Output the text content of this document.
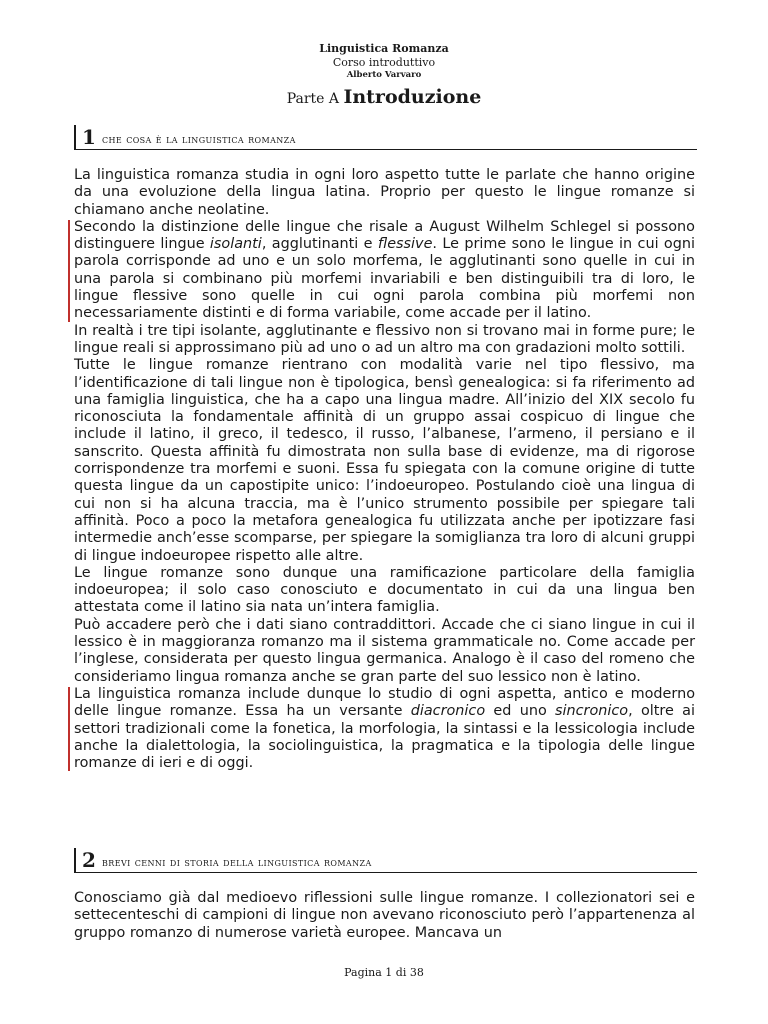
Linguistica Romanza
Corso introduttivo
Alberto Varvaro
Parte A Introduzione
1 che cosa è la linguistica romanza

La linguistica romanza studia in ogni loro aspetto tutte le parlate che hanno origine da una evoluzione della lingua latina. Proprio per questo le lingue romanze si chiamano anche neolatine.

Secondo la distinzione delle lingue che risale a August Wilhelm Schlegel si possono distinguere lingue isolanti, agglutinanti e flessive. Le prime sono le lingue in cui ogni parola corrisponde ad uno e un solo morfema, le agglutinanti sono quelle in cui in una parola si combinano più morfemi invariabili e ben distinguibili tra di loro, le lingue flessive sono quelle in cui ogni parola combina più morfemi non necessariamente distinti e di forma variabile, come accade per il latino.

In realtà i tre tipi isolante, agglutinante e flessivo non si trovano mai in forme pure; le lingue reali si approssimano più ad uno o ad un altro ma con gradazioni molto sottili.

Tutte le lingue romanze rientrano con modalità varie nel tipo flessivo, ma l’identificazione di tali lingue non è tipologica, bensì genealogica: si fa riferimento ad una famiglia linguistica, che ha a capo una lingua madre. All’inizio del XIX secolo fu riconosciuta la fondamentale affinità di un gruppo assai cospicuo di lingue che include il latino, il greco, il tedesco, il russo, l’albanese, l’armeno, il persiano e il sanscrito. Questa affinità fu dimostrata non sulla base di evidenze, ma di rigorose corrispondenze tra morfemi e suoni. Essa fu spiegata con la comune origine di tutte questa lingue da un capostipite unico: l’indoeuropeo. Postulando cioè una lingua di cui non si ha alcuna traccia, ma è l’unico strumento possibile per spiegare tali affinità. Poco a poco la metafora genealogica fu utilizzata anche per ipotizzare fasi intermedie anch’esse scomparse, per spiegare la somiglianza tra loro di alcuni gruppi di lingue indoeuropee rispetto alle altre.

Le lingue romanze sono dunque una ramificazione particolare della famiglia indoeuropea; il solo caso conosciuto e documentato in cui da una lingua ben attestata come il latino sia nata un’intera famiglia.

Può accadere però che i dati siano contraddittori. Accade che ci siano lingue in cui il lessico è in maggioranza romanzo ma il sistema grammaticale no. Come accade per l’inglese, considerata per questo lingua germanica. Analogo è il caso del romeno che consideriamo lingua romanza anche se gran parte del suo lessico non è latino.

La linguistica romanza include dunque lo studio di ogni aspetta, antico e moderno delle lingue romanze. Essa ha un versante diacronico ed uno sincronico, oltre ai settori tradizionali come la fonetica, la morfologia, la sintassi e la lessicologia include anche la dialettologia, la sociolinguistica, la pragmatica e la tipologia delle lingue romanze di ieri e di oggi.

2 brevi cenni di storia della linguistica romanza

Conosciamo già dal medioevo riflessioni sulle lingue romanze. I collezionatori sei e settecenteschi di campioni di lingue non avevano riconosciuto però l’appartenenza al gruppo romanzo di numerose varietà europee. Mancava un

Pagina 1 di 38
